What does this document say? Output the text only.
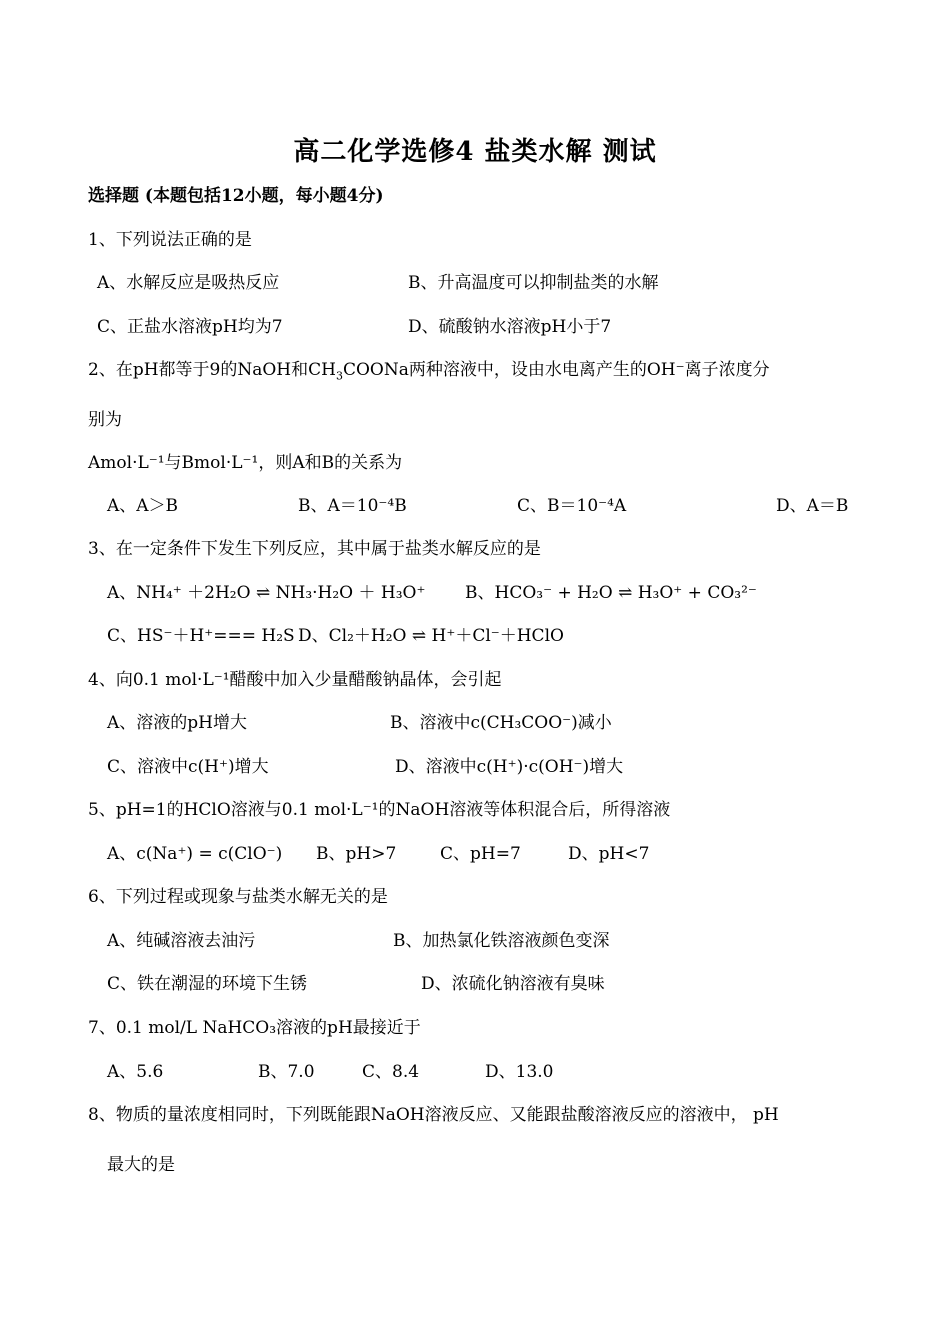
高二化学选修4 盐类水解 测试
选择题 (本题包括12小题，每小题4分)
1、下列说法正确的是
A、水解反应是吸热反应	B、升高温度可以抑制盐类的水解
C、正盐水溶液pH均为7	D、硫酸钠水溶液pH小于7
2、在pH都等于9的NaOH和$CH_3COONa$两种溶液中，设由水电离产生的OH⁻离子浓度分
别为
Amol·L⁻¹与Bmol·L⁻¹，则A和B的关系为
A、A＞B	B、A＝10⁻⁴B	C、B＝10⁻⁴A	D、A＝B
3、在一定条件下发生下列反应，其中属于盐类水解反应的是
A、NH₄⁺ ＋2H₂O ⇌ NH₃·H₂O ＋ H₃O⁺ B、HCO₃⁻ + H₂O ⇌ H₃O⁺ + CO₃²⁻
C、HS⁻＋H⁺=== H₂S D、Cl₂＋H₂O ⇌ H⁺＋Cl⁻＋HClO
4、向0.1 mol·L⁻¹醋酸中加入少量醋酸钠晶体，会引起
A、溶液的pH增大	B、溶液中c(CH₃COO⁻)减小
C、溶液中c(H⁺)增大	D、溶液中c(H⁺)·c(OH⁻)增大
5、pH=1的HClO溶液与0.1 mol·L⁻¹的NaOH溶液等体积混合后，所得溶液
A、c(Na⁺) = c(ClO⁻) B、pH>7	C、pH=7	D、pH<7
6、下列过程或现象与盐类水解无关的是
A、纯碱溶液去油污	B、加热氯化铁溶液颜色变深
C、铁在潮湿的环境下生锈	D、浓硫化钠溶液有臭味
7、0.1 mol/L NaHCO₃溶液的pH最接近于
A、5.6	B、7.0	C、8.4	D、13.0
8、物质的量浓度相同时，下列既能跟NaOH溶液反应、又能跟盐酸溶液反应的溶液中， pH
最大的是
